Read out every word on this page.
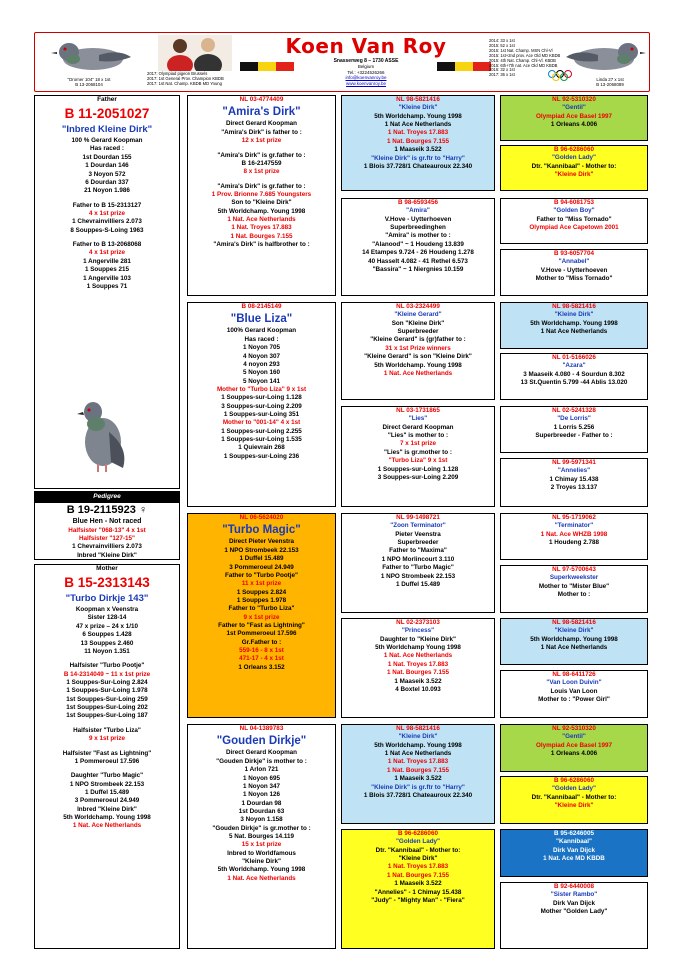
"Dromer 104" 18 x 1st
B 13-2068104
2017: Olympiad pigeon Brussels
2017: 1st General Prov. Champion KBDB
2017: 1st Nat. Champ. KBDB MD Young
Koen Van Roy
Snasserweg 8 – 1730 ASSE
Belgium
Tel.: +3224526266
info@koenvanroy.be
www.koenvanroy.be
2014: 33 x 1st
2015: 52 x 1st
2015: 1st Nat. Champ. MSN Chl-Vl
2015: 1st+2nd prov. Ace Old MD KBDB
2015: 4th Nat. Champ. Chl-Vl. KBDB
2015: 6th+7th nat. Ace Old MD KBDB
2016: 32 x 1st
2017: 36 x 1st
Linda 27 x 1st
B 13-2068089
Father
B 11-2051027
"Inbred Kleine Dirk"
100 % Gerard Koopman
Has raced :
1st Dourdan 155
1 Dourdan 146
3 Noyon 572
6 Dourdan 337
21 Noyon 1.986
Father to B 15-2313127
4 x 1st prize
1 Chevrainvilliers 2.073
8 Souppes-S-Loing 1963
Father to B 13-2068068
4 x 1st prize
1 Angerville 281
1 Souppes 215
1 Angerville 103
1 Souppes 71
Pedigree
B 19-2115923 ♀
Blue Hen - Not raced
Halfsister "068-13" 4 x 1st
Halfsister "127-15"
1 Chevrainvilliers 2.073
Inbred "Kleine Dirk"
Mother
B 15-2313143
"Turbo Dirkje 143"
Koopman x Veenstra
Sister 128-14
47 x prize – 24 x 1/10
6 Souppes 1.428
13 Souppes 2.460
11 Noyon 1.351
Halfsister "Turbo Pootje"
B 14-2314049 ~ 11 x 1st prize
1 Souppes-Sur-Loing 2.824
1 Souppes-Sur-Loing 1.978
1st Souppes-Sur-Loing 259
1st Souppes-Sur-Loing 202
1st Souppes-Sur-Loing 187
Halfsister "Turbo Liza"
9 x 1st prize
Halfsister "Fast as Lightning"
1 Pommeroeul 17.596
Daughter "Turbo Magic"
1 NPO Strombeek 22.153
1 Duffel 15.489
3 Pommeroeul 24.949
Inbred "Kleine Dirk"
5th Worldchamp. Young 1998
1 Nat. Ace Netherlands
NL 03-4774409
"Amira's Dirk"
Direct Gerard Koopman
"Amira's Dirk" is father to :
12 x 1st prize
"Amira's Dirk" is gr.father to :
B 16-2147559
8 x 1st prize
"Amira's Dirk" is gr.father to :
1 Prov. Brionne 7.685 Youngsters
Son to "Kleine Dirk"
5th Worldchamp. Young 1998
1 Nat. Ace Netherlands
1 Nat. Troyes 17.883
1 Nat. Bourges 7.155
"Amira's Dirk" is halfbrother to :
B 08-2145149
"Blue Liza"
100% Gerard Koopman
Has raced :
1 Noyon 705
4 Noyon 307
4 noyon 293
5 Noyon 160
5 Noyon 141
Mother to "Turbo Liza" 9 x 1st
1 Souppes-sur-Loing 1.128
3 Souppes-sur-Loing 2.209
1 Souppes-sur-Loing 351
Mother to "001-14" 4 x 1st
1 Souppes-sur-Loing 2.255
1 Souppes-sur-Loing 1.535
1 Quievrain 268
1 Souppes-sur-Loing 236
NL 06-5624020
"Turbo Magic"
Direct Pieter Veenstra
1 NPO Strombeek 22.153
1 Duffel 15.489
3 Pommeroeul 24.949
Father to "Turbo Pootje"
11 x 1st prize
1 Souppes 2.824
1 Souppes 1.978
Father to "Turbo Liza"
9 x 1st prize
Father to "Fast as Lightning"
1st Pommeroeul 17.596
Gr.Father to :
559-16 - 8 x 1st
471-17 - 4 x 1st
1 Orleans 3.152
NL 04-1389783
"Gouden Dirkje"
Direct Gerard Koopman
"Gouden Dirkje" is mother to :
1 Arlon 721
1 Noyon 695
1 Noyon 347
1 Noyon 126
1 Dourdan 98
1st Dourdan 63
3 Noyon 1.158
"Gouden Dirkje" is gr.mother to :
5 Nat. Bourges 14.119
15 x 1st prize
Inbred to Worldfamous
"Kleine Dirk"
5th Worldchamp. Young 1998
1 Nat. Ace Netherlands
NL 98-5821416
"Kleine Dirk"
5th Worldchamp. Young 1998
1 Nat Ace Netherlands
1 Nat. Troyes 17.883
1 Nat. Bourges 7.155
1 Maaseik 3.522
"Kleine Dirk" is gr.ftr to "Harry"
1 Blois 37.728/1 Chateauroux 22.340
B 98-6593456
"Amira"
V.Hove - Uytterhoeven
Superbreedinghen
"Amira" is mother to :
"Alanood" ~ 1 Houdeng 13.839
14 Etampes 9.724 - 26 Houdeng 1.278
40 Hasselt 4.082 - 41 Rethel 6.573
"Bassira" ~ 1 Niergnies 10.159
NL 03-2324499
"Kleine Gerard"
Son "Kleine Dirk"
Superbreeder
"Kleine Gerard" is (gr)father to :
31 x 1st Prize winners
"Kleine Gerard" is son "Kleine Dirk"
5th Worldchamp. Young 1998
1 Nat. Ace Netherlands
NL 03-1731865
"Lies"
Direct Gerard Koopman
"Lies" is mother to :
7 x 1st prize
"Lies" is gr.mother to :
"Turbo Liza" 9 x 1st
1 Souppes-sur-Loing 1.128
3 Souppes-sur-Loing 2.209
NL 99-1498721
"Zoon Terminator"
Pieter Veenstra
Superbreeder
Father to "Maxima"
1 NPO Morlincourt 3.110
Father to "Turbo Magic"
1 NPO Strombeek 22.153
1 Duffel 15.489
NL 02-2373103
"Princess"
Daughter to "Kleine Dirk"
5th Worldchamp Young 1998
1 Nat. Ace Netherlands
1 Nat. Troyes 17.883
1 Nat. Bourges 7.155
1 Maaseik 3.522
4 Boxtel 10.093
NL 98-5821416
"Kleine Dirk"
5th Worldchamp. Young 1998
1 Nat Ace Netherlands
1 Nat. Troyes 17.883
1 Nat. Bourges 7.155
1 Maaseik 3.522
"Kleine Dirk" is gr.ftr to "Harry"
1 Blois 37.728/1 Chateauroux 22.340
B 96-6286060
"Golden Lady"
Dtr. "Kannibaal" - Mother to:
"Kleine Dirk"
1 Nat. Troyes 17.883
1 Nat. Bourges 7.155
1 Maaseik 3.522
"Annelies" - 1 Chimay 15.438
"Judy" - "Mighty Man" - "Fiera"
NL 92-5310320
"Gentil"
Olympiad Ace Basel 1997
1 Orleans 4.006
B 96-6286060
"Golden Lady"
Dtr. "Kannibaal" - Mother to:
"Kleine Dirk"
B 94-6081753
"Golden Boy"
Father to "Miss Tornado"
Olympiad Ace Capetown 2001
B 93-6057704
"Annabel"
V.Hove - Uytterhoeven
Mother to "Miss Tornado"
NL 98-5821416
"Kleine Dirk"
5th Worldchamp. Young 1998
1 Nat Ace Netherlands
NL 01-5166026
"Azara"
3 Maaseik 4.080 - 4 Sourdun 8.302
13 St.Quentin 5.799 -44 Ablis 13.020
NL 02-5241328
"De Lorris"
1 Lorris 5.256
Superbreeder - Father to :
NL 99-5971341
"Annelies"
1 Chimay 15.438
2 Troyes 13.137
NL 95-1719062
"Terminator"
1 Nat. Ace WHZB 1998
1 Houdeng 2.788
NL 97-5700643
Superkweekster
Mother to "Mister Blue"
Mother to :
NL 98-5821416
"Kleine Dirk"
5th Worldchamp. Young 1998
1 Nat Ace Netherlands
NL 98-6411726
"Van Loon Duivin"
Louis Van Loon
Mother to : "Power Girl"
NL 92-5310320
"Gentil"
Olympiad Ace Basel 1997
1 Orleans 4.006
B 96-6286060
"Golden Lady"
Dtr. "Kannibaal" - Mother to:
"Kleine Dirk"
B 95-6246005
"Kannibaal"
Dirk Van Dijck
1 Nat. Ace MD KBDB
B 92-6440008
"Sister Rambo"
Dirk Van Dijck
Mother "Golden Lady"
